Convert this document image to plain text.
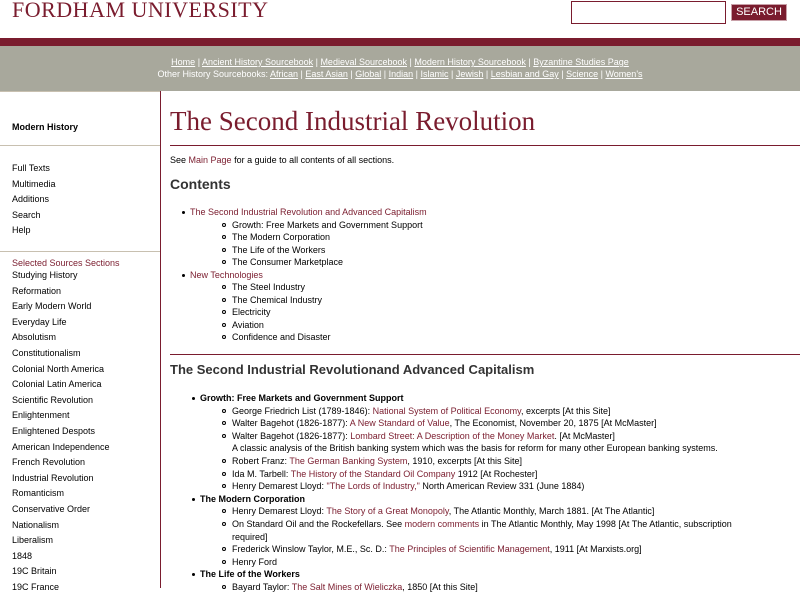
FORDHAM UNIVERSITY	SEARCH
Home | Ancient History Sourcebook | Medieval Sourcebook | Modern History Sourcebook | Byzantine Studies Page
Other History Sourcebooks: African | East Asian | Global | Indian | Islamic | Jewish | Lesbian and Gay | Science | Women's
Modern History
Full Texts
Multimedia
Additions
Search
Help
Selected Sources Sections
Studying History
Reformation
Early Modern World
Everyday Life
Absolutism
Constitutionalism
Colonial North America
Colonial Latin America
Scientific Revolution
Enlightenment
Enlightened Despots
American Independence
French Revolution
Industrial Revolution
Romanticism
Conservative Order
Nationalism
Liberalism
1848
19C Britain
19C France
The Second Industrial Revolution
See Main Page for a guide to all contents of all sections.
Contents
The Second Industrial Revolution and Advanced Capitalism
Growth: Free Markets and Government Support
The Modern Corporation
The Life of the Workers
The Consumer Marketplace
New Technologies
The Steel Industry
The Chemical Industry
Electricity
Aviation
Confidence and Disaster
The Second Industrial Revolutionand Advanced Capitalism
Growth: Free Markets and Government Support
George Friedrich List (1789-1846): National System of Political Economy, excerpts [At this Site]
Walter Bagehot (1826-1877): A New Standard of Value, The Economist, November 20, 1875 [At McMaster]
Walter Bagehot (1826-1877): Lombard Street: A Description of the Money Market. [At McMaster]
A classic analysis of the British banking system which was the basis for reform for many other European banking systems.
Robert Franz: The German Banking System, 1910, excerpts [At this Site]
Ida M. Tarbell: The History of the Standard Oil Company 1912 [At Rochester]
Henry Demarest Lloyd: "The Lords of Industry," North American Review 331 (June 1884)
The Modern Corporation
Henry Demarest Lloyd: The Story of a Great Monopoly, The Atlantic Monthly, March 1881. [At The Atlantic]
On Standard Oil and the Rockefellars. See modern comments in The Atlantic Monthly, May 1998 [At The Atlantic, subscription
required]
Frederick Winslow Taylor, M.E., Sc. D.: The Principles of Scientific Management, 1911 [At Marxists.org]
Henry Ford
The Life of the Workers
Bayard Taylor: The Salt Mines of Wieliczka, 1850 [At this Site]
